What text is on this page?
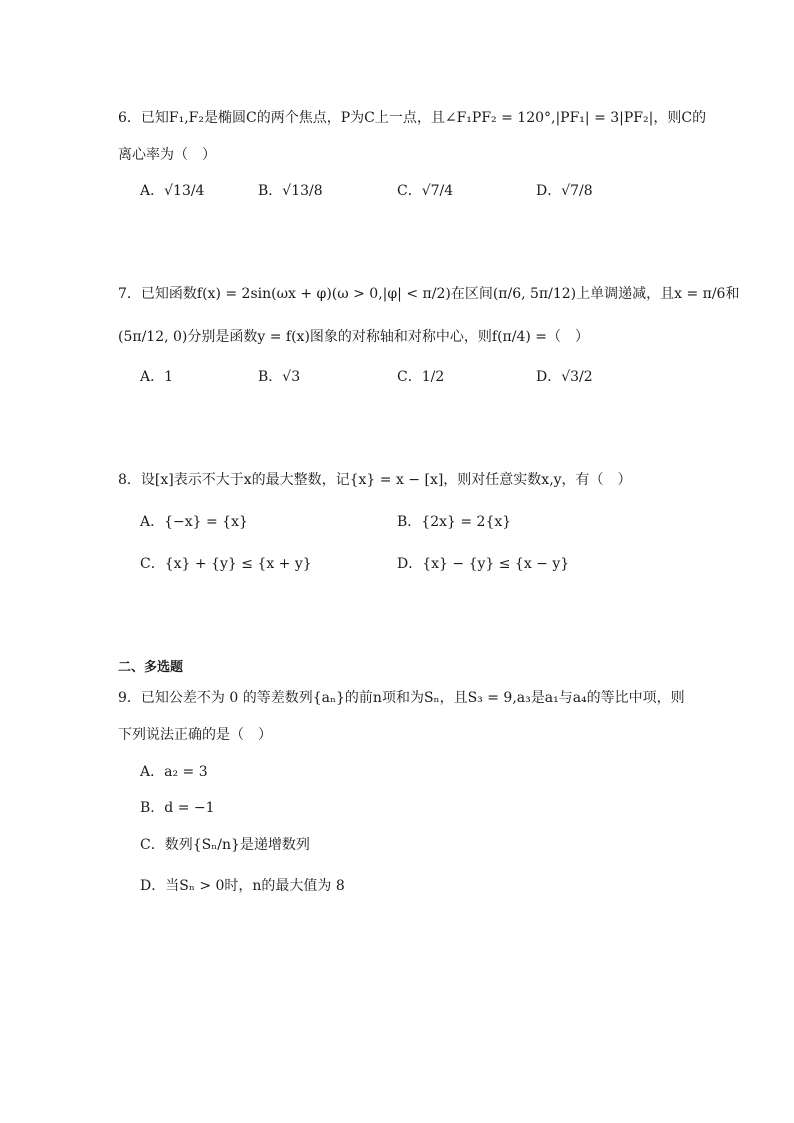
6．已知F₁,F₂是椭圆C的两个焦点，P为C上一点，且∠F₁PF₂ = 120°,|PF₁| = 3|PF₂|，则C的
离心率为（　）
A．√13/4	B．√13/8	C．√7/4	D．√7/8
7．已知函数f(x) = 2sin(ωx + φ)(ω > 0,|φ| < π/2)在区间(π/6, 5π/12)上单调递减，且x = π/6和
(5π/12, 0)分别是函数y = f(x)图象的对称轴和对称中心，则f(π/4) =（　）
A．1	B．√3	C．1/2	D．√3/2
8．设[x]表示不大于x的最大整数，记{x} = x − [x]，则对任意实数x,y，有（　）
A．{−x} = {x}	B．{2x} = 2{x}
C．{x} + {y} ≤ {x + y}	D．{x} − {y} ≤ {x − y}
二、多选题
9．已知公差不为 0 的等差数列{aₙ}的前n项和为Sₙ，且S₃ = 9,a₃是a₁与a₄的等比中项，则
下列说法正确的是（　）
A．a₂ = 3
B．d = −1
C．数列{Sₙ/n}是递增数列
D．当Sₙ > 0时，n的最大值为 8
